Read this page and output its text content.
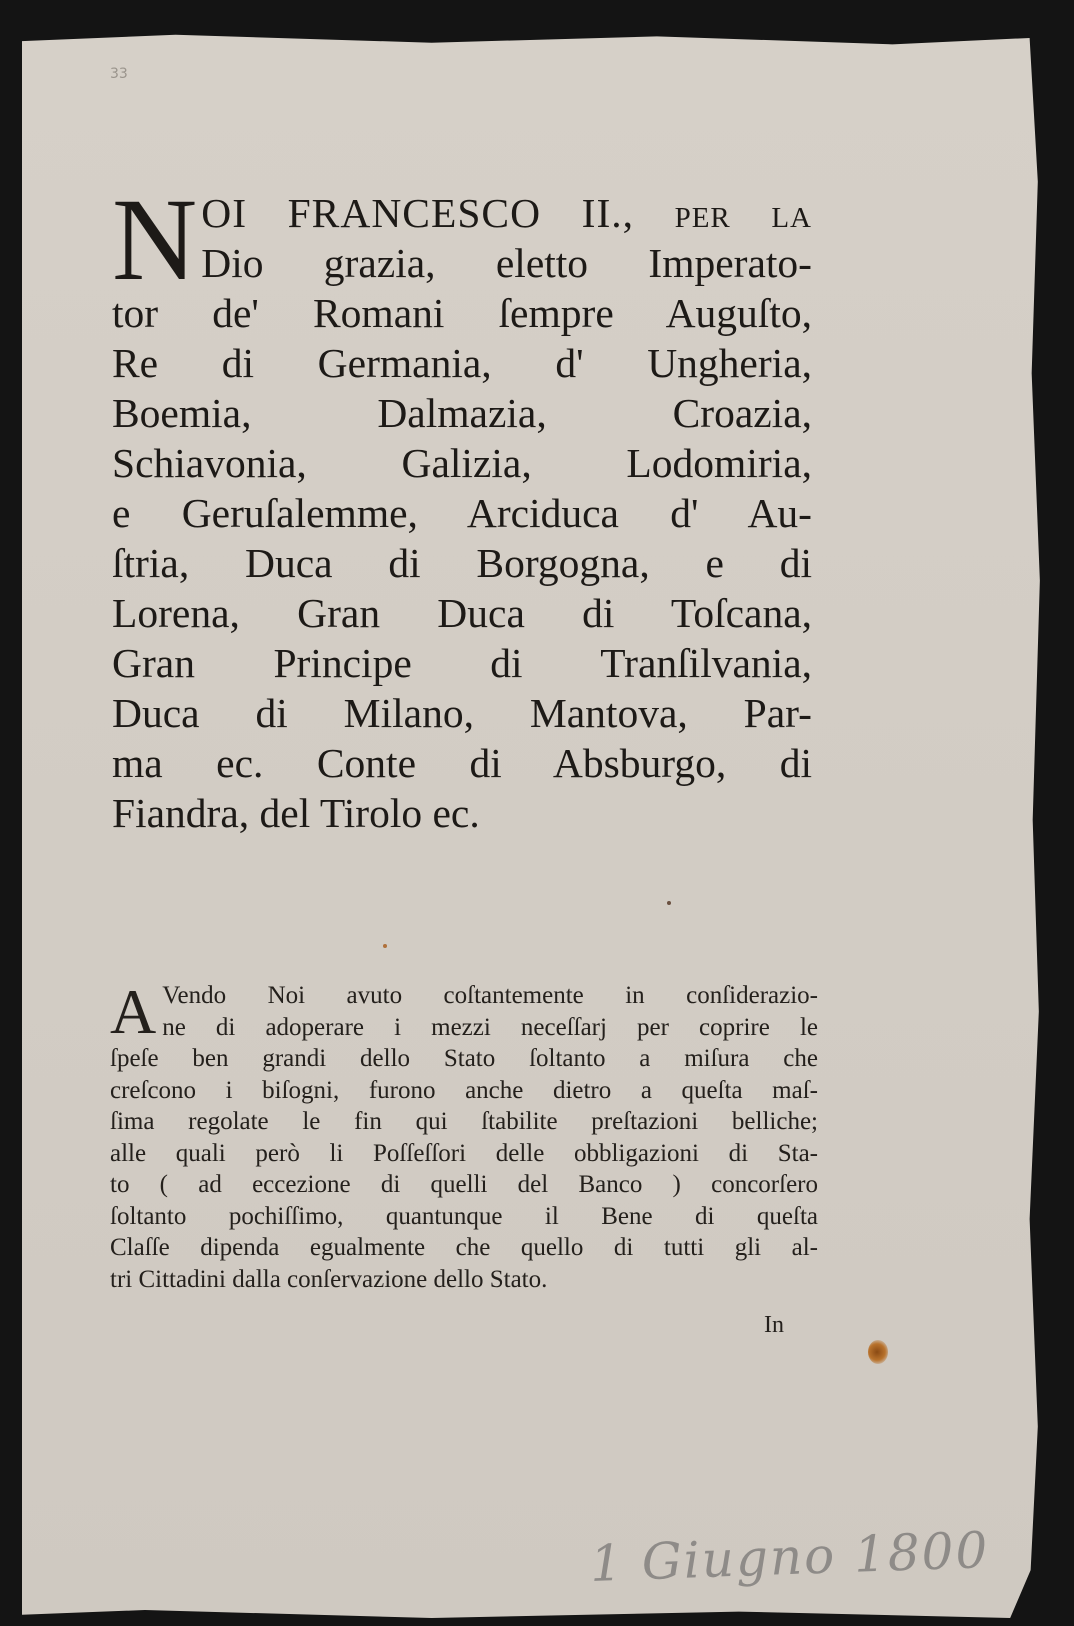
33
N OI FRANCESCO II., per la
Dio grazia, eletto Imperato-
tor de' Romani ſempre Auguſto,
Re di Germania, d' Ungheria,
Boemia, Dalmazia, Croazia,
Schiavonia, Galizia, Lodomiria,
e Geruſalemme, Arciduca d' Au-
ſtria, Duca di Borgogna, e di
Lorena, Gran Duca di Toſcana,
Gran Principe di Tranſilvania,
Duca di Milano, Mantova, Par-
ma ec. Conte di Absburgo, di
Fiandra, del Tirolo ec.
A Vendo Noi avuto coſtantemente in conſiderazio-
ne di adoperare i mezzi neceſſarj per coprire le
ſpeſe ben grandi dello Stato ſoltanto a miſura che
creſcono i biſogni, furono anche dietro a queſta maſ-
ſima regolate le fin qui ſtabilite preſtazioni belliche;
alle quali però li Poſſeſſori delle obbligazioni di Sta-
to ( ad eccezione di quelli del Banco ) concorſero
ſoltanto pochiſſimo, quantunque il Bene di queſta
Claſſe dipenda egualmente che quello di tutti gli al-
tri Cittadini dalla conſervazione dello Stato.
In
1 Giugno 1800
